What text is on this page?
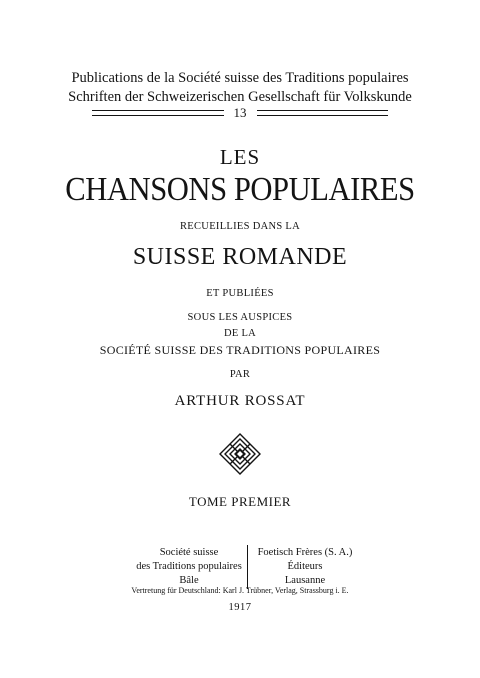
Publications de la Société suisse des Traditions populaires
Schriften der Schweizerischen Gesellschaft für Volkskunde
13
LES
CHANSONS POPULAIRES
RECUEILLIES DANS LA
SUISSE ROMANDE
ET PUBLIÉES
SOUS LES AUSPICES
DE LA
SOCIÉTÉ SUISSE DES TRADITIONS POPULAIRES
PAR
ARTHUR ROSSAT
TOME PREMIER
Société suisse
des Traditions populaires
Bâle
Foetisch Frères (S. A.)
Éditeurs
Lausanne
Vertretung für Deutschland: Karl J. Trübner, Verlag, Strassburg i. E.
1917
